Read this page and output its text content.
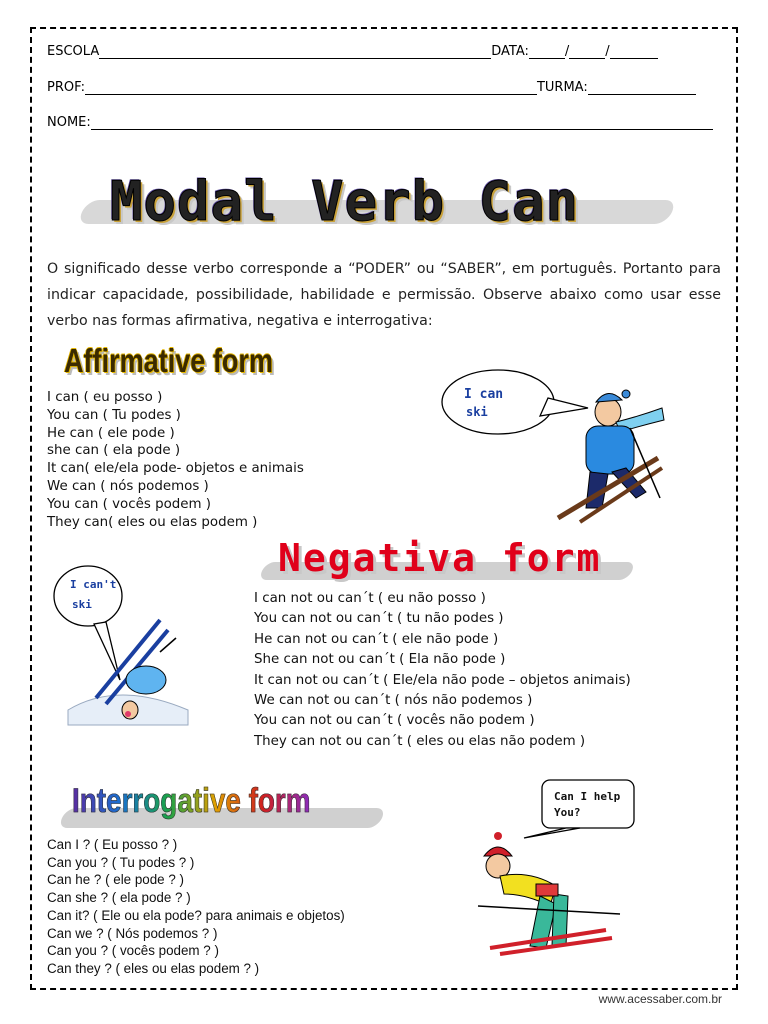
ESCOLA	DATA:	/	/
PROF:	TURMA:
NOME:
Modal Verb Can
O significado desse verbo corresponde a “PODER” ou “SABER”, em português. Portanto para indicar capacidade, possibilidade, habilidade e permissão. Observe abaixo como usar esse verbo nas formas afirmativa, negativa e interrogativa:
Affirmative form
I can ( eu posso )
You can ( Tu podes )
He can ( ele pode )
she can ( ela pode )
It can( ele/ela pode- objetos e animais
We can ( nós podemos )
You can ( vocês podem )
They can( eles ou elas podem )
I can
ski
Negativa form
I can not ou can´t ( eu não posso )
You can not ou can´t ( tu não podes )
He can not ou can´t ( ele não pode )
She can not ou can´t ( Ela não pode )
It can not ou can´t ( Ele/ela não pode – objetos animais)
We can not ou can´t ( nós não podemos )
You can not ou can´t ( vocês não podem )
They can not ou can´t ( eles ou elas não podem )
I can't
ski
Interrogative form
Can I ? ( Eu posso ? )
Can you ? ( Tu podes ? )
Can he ? ( ele pode ? )
Can she ? ( ela pode ? )
Can it? ( Ele ou ela pode? para animais e objetos)
Can we ? ( Nós podemos ? )
Can you ? ( vocês podem ? )
Can they ? ( eles ou elas podem ? )
Can I help
You?
www.acessaber.com.br
